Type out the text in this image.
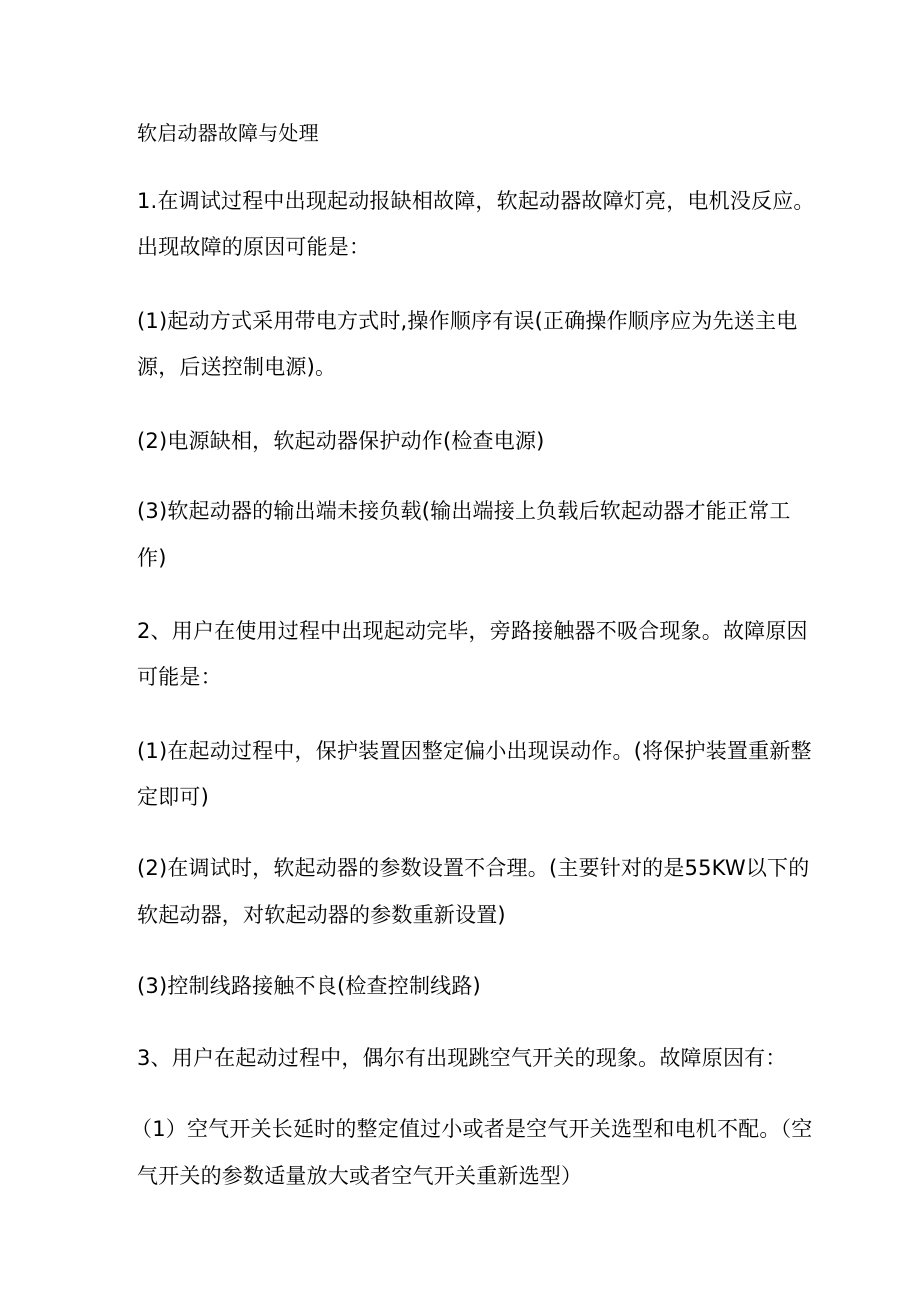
软启动器故障与处理

1.在调试过程中出现起动报缺相故障，软起动器故障灯亮，电机没反应。

出现故障的原因可能是：

(1)起动方式采用带电方式时,操作顺序有误(正确操作顺序应为先送主电

源，后送控制电源)。

(2)电源缺相，软起动器保护动作(检查电源)

(3)软起动器的输出端未接负载(输出端接上负载后软起动器才能正常工

作)

2、用户在使用过程中出现起动完毕，旁路接触器不吸合现象。故障原因

可能是：

(1)在起动过程中，保护装置因整定偏小出现误动作。(将保护装置重新整

定即可)

(2)在调试时，软起动器的参数设置不合理。(主要针对的是55KW以下的

软起动器，对软起动器的参数重新设置)

(3)控制线路接触不良(检查控制线路)

3、用户在起动过程中，偶尔有出现跳空气开关的现象。故障原因有：

（1）空气开关长延时的整定值过小或者是空气开关选型和电机不配。（空

气开关的参数适量放大或者空气开关重新选型）
